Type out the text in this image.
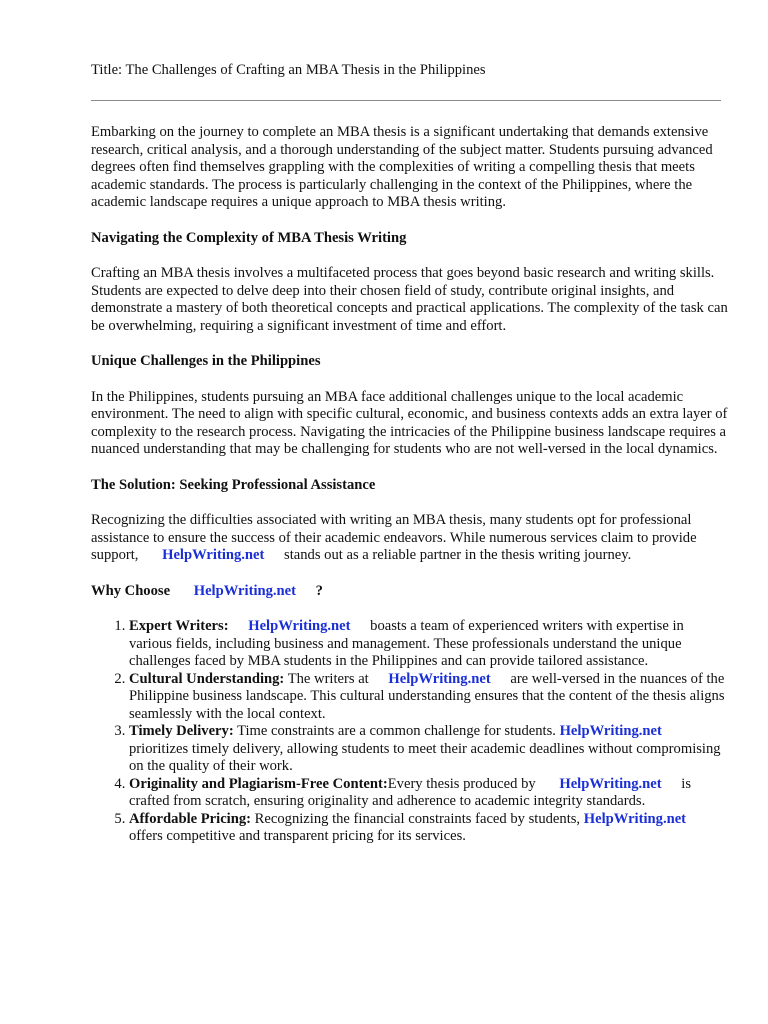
Title: The Challenges of Crafting an MBA Thesis in the Philippines

Embarking on the journey to complete an MBA thesis is a significant undertaking that demands extensive research, critical analysis, and a thorough understanding of the subject matter. Students pursuing advanced degrees often find themselves grappling with the complexities of writing a compelling thesis that meets academic standards. The process is particularly challenging in the context of the Philippines, where the academic landscape requires a unique approach to MBA thesis writing.

Navigating the Complexity of MBA Thesis Writing

Crafting an MBA thesis involves a multifaceted process that goes beyond basic research and writing skills. Students are expected to delve deep into their chosen field of study, contribute original insights, and demonstrate a mastery of both theoretical concepts and practical applications. The complexity of the task can be overwhelming, requiring a significant investment of time and effort.

Unique Challenges in the Philippines

In the Philippines, students pursuing an MBA face additional challenges unique to the local academic environment. The need to align with specific cultural, economic, and business contexts adds an extra layer of complexity to the research process. Navigating the intricacies of the Philippine business landscape requires a nuanced understanding that may be challenging for students who are not well-versed in the local dynamics.

The Solution: Seeking Professional Assistance

Recognizing the difficulties associated with writing an MBA thesis, many students opt for professional assistance to ensure the success of their academic endeavors. While numerous services claim to provide support, HelpWriting.net stands out as a reliable partner in the thesis writing journey.

Why Choose HelpWriting.net ?
1. Expert Writers: HelpWriting.net boasts a team of experienced writers with expertise in various fields, including business and management. These professionals understand the unique challenges faced by MBA students in the Philippines and can provide tailored assistance.
2. Cultural Understanding: The writers at HelpWriting.net are well-versed in the nuances of the Philippine business landscape. This cultural understanding ensures that the content of the thesis aligns seamlessly with the local context.
3. Timely Delivery: Time constraints are a common challenge for students. HelpWriting.net prioritizes timely delivery, allowing students to meet their academic deadlines without compromising on the quality of their work.
4. Originality and Plagiarism-Free Content:Every thesis produced by HelpWriting.net is crafted from scratch, ensuring originality and adherence to academic integrity standards.
5. Affordable Pricing: Recognizing the financial constraints faced by students, HelpWriting.net offers competitive and transparent pricing for its services.
